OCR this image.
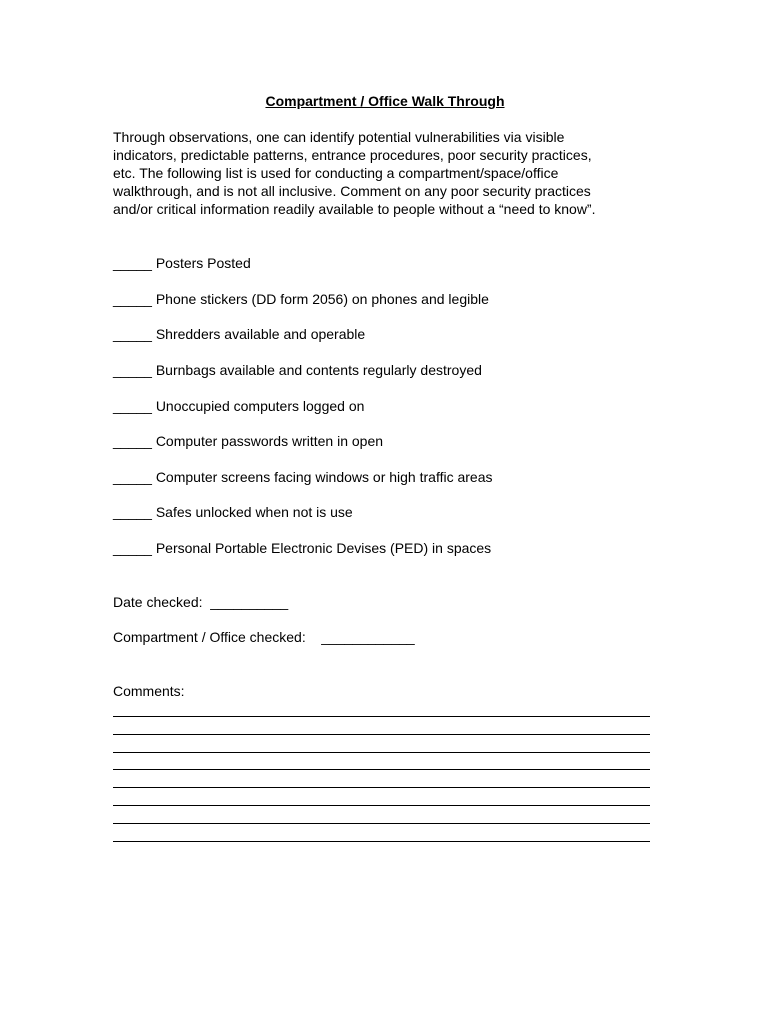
Compartment / Office Walk Through

Through observations, one can identify potential vulnerabilities via visible
indicators, predictable patterns, entrance procedures, poor security practices,
etc. The following list is used for conducting a compartment/space/office
walkthrough, and is not all inclusive. Comment on any poor security practices
and/or critical information readily available to people without a “need to know”.

_____ Posters Posted
_____ Phone stickers (DD form 2056) on phones and legible
_____ Shredders available and operable
_____ Burnbags available and contents regularly destroyed
_____ Unoccupied computers logged on
_____ Computer passwords written in open
_____ Computer screens facing windows or high traffic areas
_____ Safes unlocked when not is use
_____ Personal Portable Electronic Devises (PED) in spaces
Date checked:  __________
Compartment / Office checked:    ____________
Comments:
